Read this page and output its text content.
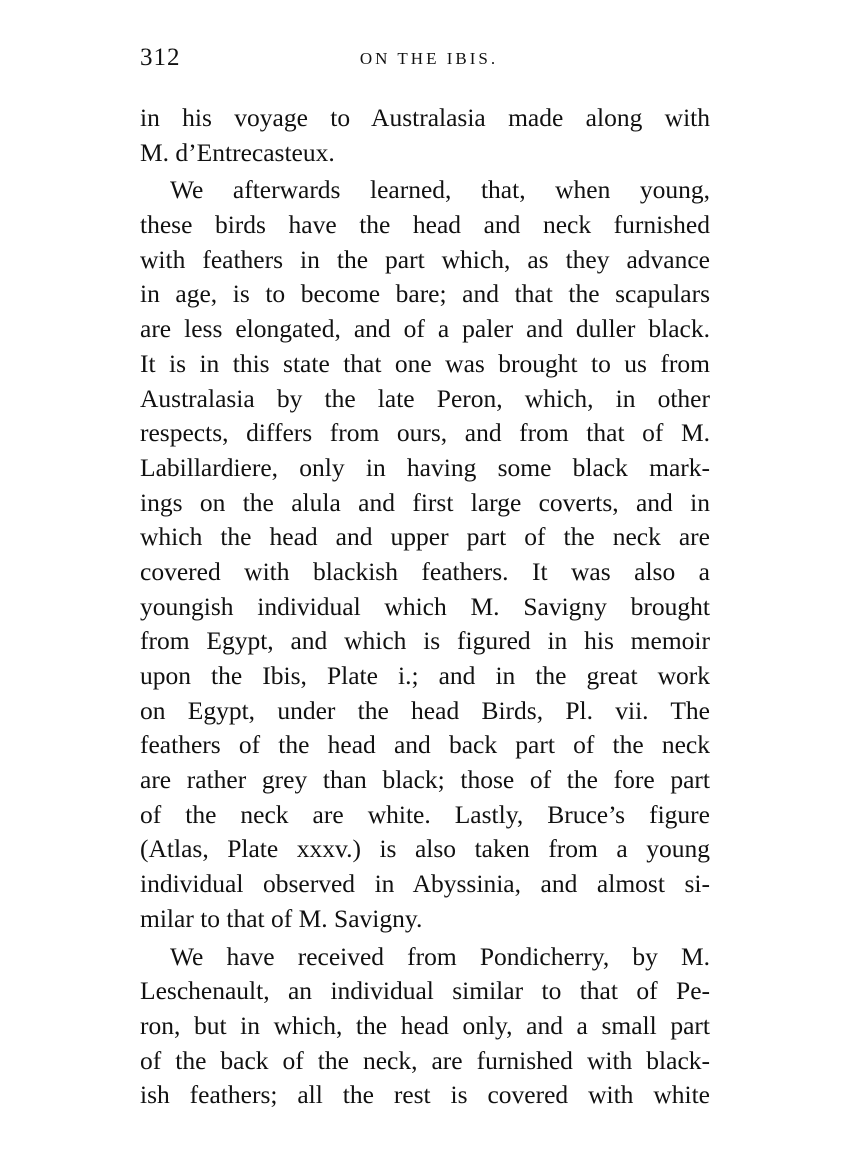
312	ON THE IBIS.
in his voyage to Australasia made along with
M. d’Entrecasteux.
We afterwards learned, that, when young,
these birds have the head and neck furnished
with feathers in the part which, as they advance
in age, is to become bare; and that the scapulars
are less elongated, and of a paler and duller black.
It is in this state that one was brought to us from
Australasia by the late Peron, which, in other
respects, differs from ours, and from that of M.
Labillardiere, only in having some black mark-
ings on the alula and first large coverts, and in
which the head and upper part of the neck are
covered with blackish feathers. It was also a
youngish individual which M. Savigny brought
from Egypt, and which is figured in his memoir
upon the Ibis, Plate i.; and in the great work
on Egypt, under the head Birds, Pl. vii. The
feathers of the head and back part of the neck
are rather grey than black; those of the fore part
of the neck are white. Lastly, Bruce’s figure
(Atlas, Plate xxxv.) is also taken from a young
individual observed in Abyssinia, and almost si-
milar to that of M. Savigny.
We have received from Pondicherry, by M.
Leschenault, an individual similar to that of Pe-
ron, but in which, the head only, and a small part
of the back of the neck, are furnished with black-
ish feathers; all the rest is covered with white
